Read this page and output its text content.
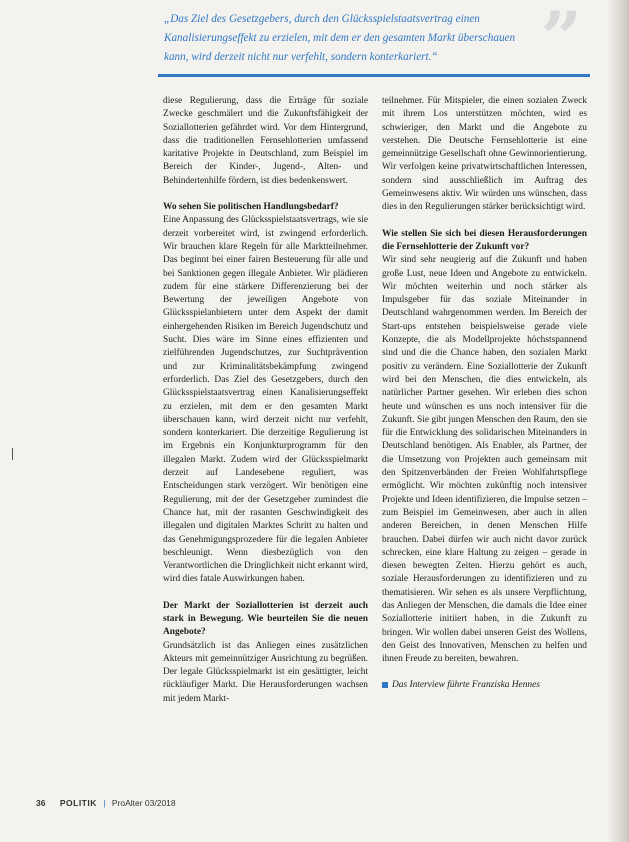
„Das Ziel des Gesetzgebers, durch den Glücksspielstaatsvertrag einen Kanalisierungseffekt zu erzielen, mit dem er den gesamten Markt überschauen kann, wird derzeit nicht nur verfehlt, sondern konterkariert.“	”

diese Regulierung, dass die Erträge für soziale Zwecke geschmälert und die Zukunftsfähigkeit der Soziallotterien gefährdet wird. Vor dem Hintergrund, dass die traditionellen Fernsehlotterien umfassend karitative Projekte in Deutschland, zum Beispiel im Bereich der Kinder-, Jugend-, Alten- und Behindertenhilfe fördern, ist dies bedenkenswert.

Wo sehen Sie politischen Handlungsbedarf?

Eine Anpassung des Glücksspielstaatsvertrags, wie sie derzeit vorbereitet wird, ist zwingend erforderlich. Wir brauchen klare Regeln für alle Marktteilnehmer. Das beginnt bei einer fairen Besteuerung für alle und bei Sanktionen gegen illegale Anbieter. Wir plädieren zudem für eine stärkere Differenzierung bei der Bewertung der jeweiligen Angebote von Glücksspielanbietern unter dem Aspekt der damit einhergehenden Risiken im Bereich Jugendschutz und Sucht. Dies wäre im Sinne eines effizienten und zielführenden Jugendschutzes, zur Suchtprävention und zur Kriminalitätsbekämpfung zwingend erforderlich. Das Ziel des Gesetzgebers, durch den Glücksspielstaatsvertrag einen Kanalisierungseffekt zu erzielen, mit dem er den gesamten Markt überschauen kann, wird derzeit nicht nur verfehlt, sondern konterkariert. Die derzeitige Regulierung ist im Ergebnis ein Konjunkturprogramm für den illegalen Markt. Zudem wird der Glücksspielmarkt derzeit auf Landesebene reguliert, was Entscheidungen stark verzögert. Wir benötigen eine Regulierung, mit der der Gesetzgeber zumindest die Chance hat, mit der rasanten Geschwindigkeit des illegalen und digitalen Marktes Schritt zu halten und das Genehmigungsprozedere für die legalen Anbieter beschleunigt. Wenn diesbezüglich von den Verantwortlichen die Dringlichkeit nicht erkannt wird, wird dies fatale Auswirkungen haben.

Der Markt der Soziallotterien ist derzeit auch stark in Bewegung. Wie beurteilen Sie die neuen Angebote?

Grundsätzlich ist das Anliegen eines zusätzlichen Akteurs mit gemeinnütziger Ausrichtung zu begrüßen. Der legale Glücksspielmarkt ist ein gesättigter, leicht rückläufiger Markt. Die Herausforderungen wachsen mit jedem Markt-

teilnehmer. Für Mitspieler, die einen sozialen Zweck mit ihrem Los unterstützen möchten, wird es schwieriger, den Markt und die Angebote zu verstehen. Die Deutsche Fernsehlotterie ist eine gemeinnützige Gesellschaft ohne Gewinnorientierung. Wir verfolgen keine privatwirtschaftlichen Interessen, sondern sind ausschließlich im Auftrag des Gemeinwesens aktiv. Wir würden uns wünschen, dass dies in den Regulierungen stärker berücksichtigt wird.

Wie stellen Sie sich bei diesen Herausforderungen die Fernsehlotterie der Zukunft vor?

Wir sind sehr neugierig auf die Zukunft und haben große Lust, neue Ideen und Angebote zu entwickeln. Wir möchten weiterhin und noch stärker als Impulsgeber für das soziale Miteinander in Deutschland wahrgenommen werden. Im Bereich der Start-ups entstehen beispielsweise gerade viele Konzepte, die als Modellprojekte höchstspannend sind und die die Chance haben, den sozialen Markt positiv zu verändern. Eine Soziallotterie der Zukunft wird bei den Menschen, die dies entwickeln, als natürlicher Partner gesehen. Wir erleben dies schon heute und wünschen es uns noch intensiver für die Zukunft. Sie gibt jungen Menschen den Raum, den sie für die Entwicklung des solidarischen Miteinanders in Deutschland benötigen. Als Enabler, als Partner, der die Umsetzung von Projekten auch gemeinsam mit den Spitzenverbänden der Freien Wohlfahrtspflege ermöglicht. Wir möchten zukünftig noch intensiver Projekte und Ideen identifizieren, die Impulse setzen – zum Beispiel im Gemeinwesen, aber auch in allen anderen Bereichen, in denen Menschen Hilfe brauchen. Dabei dürfen wir auch nicht davor zurück schrecken, eine klare Haltung zu zeigen – gerade in diesen bewegten Zeiten. Hierzu gehört es auch, soziale Herausforderungen zu identifizieren und zu thematisieren. Wir sehen es als unsere Verpflichtung, das Anliegen der Menschen, die damals die Idee einer Soziallotterie initiiert haben, in die Zukunft zu bringen. Wir wollen dabei unseren Geist des Wollens, den Geist des Innovativen, Menschen zu helfen und ihnen Freude zu bereiten, bewahren.

Das Interview führte Franziska Hennes

36 POLITIK | ProAlter 03/2018
